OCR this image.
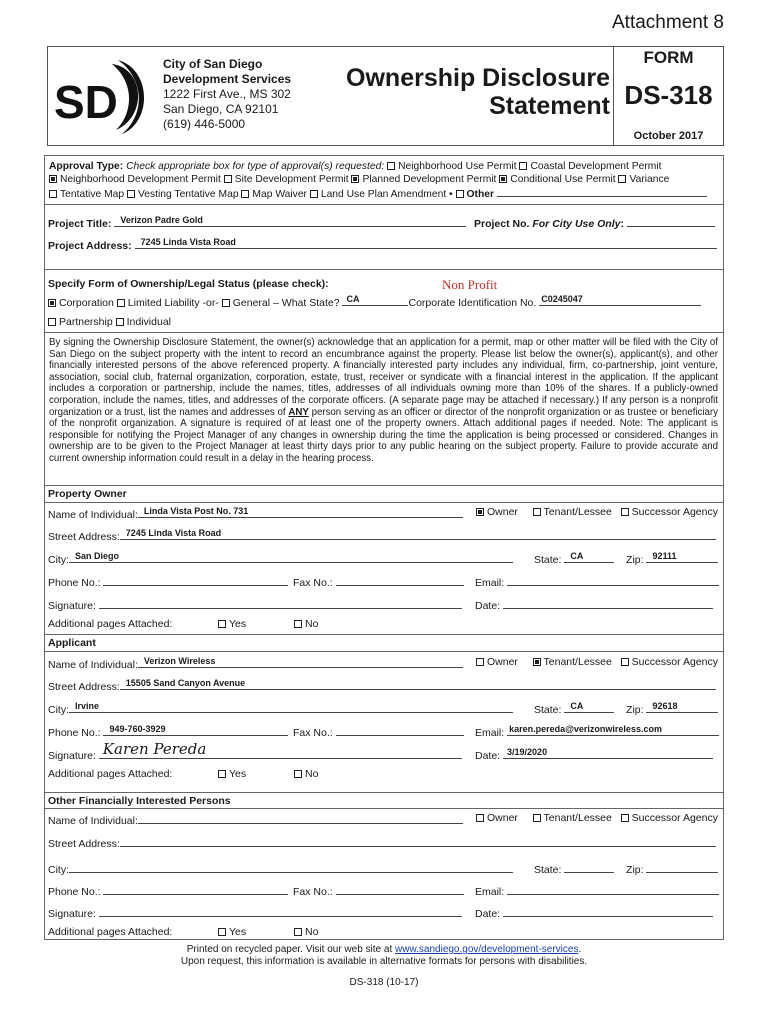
Attachment 8
SD
City of San Diego
Development Services
1222 First Ave., MS 302
San Diego, CA 92101
(619) 446-5000
Ownership Disclosure
Statement
FORM
DS-318
October 2017
Approval Type: Check appropriate box for type of approval(s) requested: Neighborhood Use Permit Coastal Development Permit
Neighborhood Development Permit Site Development Permit Planned Development Permit Conditional Use Permit Variance
Tentative Map Vesting Tentative Map Map Waiver Land Use Plan Amendment • Other
Project Title: Verizon Padre Gold	Project No. For City Use Only:
Project Address: 7245 Linda Vista Road
Specify Form of Ownership/Legal Status (please check):	Non Profit
Corporation Limited Liability -or- General – What State? CA	Corporate Identification No. C0245047
Partnership Individual
By signing the Ownership Disclosure Statement, the owner(s) acknowledge that an application for a permit, map or other matter will be filed with the City of San Diego on the subject property with the intent to record an encumbrance against the property. Please list below the owner(s), applicant(s), and other financially interested persons of the above referenced property. A financially interested party includes any individual, firm, co-partnership, joint venture, association, social club, fraternal organization, corporation, estate, trust, receiver or syndicate with a financial interest in the application. If the applicant includes a corporation or partnership, include the names, titles, addresses of all individuals owning more than 10% of the shares. If a publicly-owned corporation, include the names, titles, and addresses of the corporate officers. (A separate page may be attached if necessary.) If any person is a nonprofit organization or a trust, list the names and addresses of ANY person serving as an officer or director of the nonprofit organization or as trustee or beneficiary of the nonprofit organization. A signature is required of at least one of the property owners. Attach additional pages if needed. Note: The applicant is responsible for notifying the Project Manager of any changes in ownership during the time the application is being processed or considered. Changes in ownership are to be given to the Project Manager at least thirty days prior to any public hearing on the subject property. Failure to provide accurate and current ownership information could result in a delay in the hearing process.
Property Owner
Name of Individual: Linda Vista Post No. 731	Owner Tenant/Lessee Successor Agency
Street Address: 7245 Linda Vista Road
City: San Diego	State: CA	Zip: 92111
Phone No.:	Fax No.:	Email:
Signature:	Date:
Additional pages Attached:	Yes	No
Applicant
Name of Individual: Verizon Wireless	Owner Tenant/Lessee Successor Agency
Street Address: 15505 Sand Canyon Avenue
City: Irvine	State: CA	Zip: 92618
Phone No.: 949-760-3929	Fax No.:	Email: karen.pereda@verizonwireless.com
Signature: Karen Pereda	Date: 3/19/2020
Additional pages Attached:	Yes	No
Other Financially Interested Persons
Name of Individual:	Owner Tenant/Lessee Successor Agency
Street Address:
City:	State:	Zip:
Phone No.:	Fax No.:	Email:
Signature:	Date:
Additional pages Attached:	Yes	No
Printed on recycled paper. Visit our web site at www.sandiego.gov/development-services.
Upon request, this information is available in alternative formats for persons with disabilities.
DS-318 (10-17)
